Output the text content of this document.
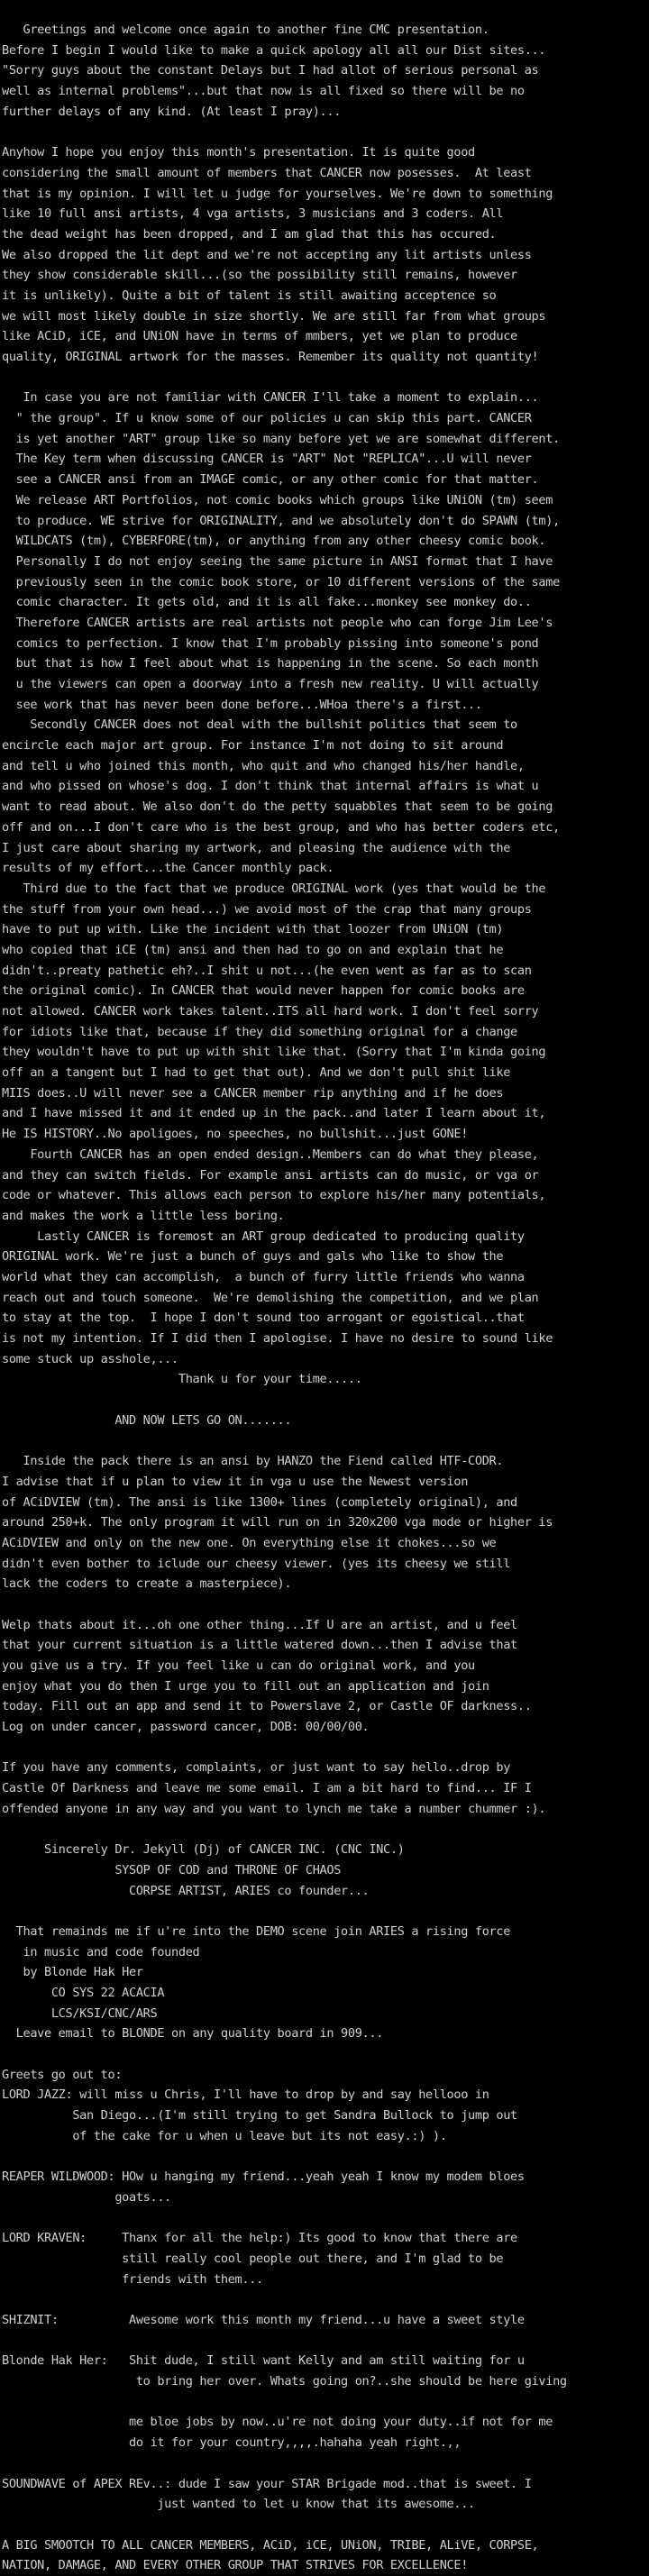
Greetings and welcome once again to another fine CMC presentation.
Before I begin I would like to make a quick apology all all our Dist sites...
"Sorry guys about the constant Delays but I had allot of serious personal as
well as internal problems"...but that now is all fixed so there will be no
further delays of any kind. (At least I pray)...
Anyhow I hope you enjoy this month's presentation. It is quite good
considering the small amount of members that CANCER now posesses.  At least
that is my opinion. I will let u judge for yourselves. We're down to something
like 10 full ansi artists, 4 vga artists, 3 musicians and 3 coders. All
the dead weight has been dropped, and I am glad that this has occured.
We also dropped the lit dept and we're not accepting any lit artists unless
they show considerable skill...(so the possibility still remains, however
it is unlikely). Quite a bit of talent is still awaiting acceptence so
we will most likely double in size shortly. We are still far from what groups
like ACiD, iCE, and UNiON have in terms of mmbers, yet we plan to produce
quality, ORIGINAL artwork for the masses. Remember its quality not quantity!
In case you are not familiar with CANCER I'll take a moment to explain...
" the group". If u know some of our policies u can skip this part. CANCER
is yet another "ART" group like so many before yet we are somewhat different.
The Key term when discussing CANCER is "ART" Not "REPLICA"...U will never
see a CANCER ansi from an IMAGE comic, or any other comic for that matter.
We release ART Portfolios, not comic books which groups like UNiON (tm) seem
to produce. WE strive for ORIGINALITY, and we absolutely don't do SPAWN (tm),
WILDCATS (tm), CYBERFORE(tm), or anything from any other cheesy comic book.
Personally I do not enjoy seeing the same picture in ANSI format that I have
previously seen in the comic book store, or 10 different versions of the same
comic character. It gets old, and it is all fake...monkey see monkey do..
Therefore CANCER artists are real artists not people who can forge Jim Lee's
comics to perfection. I know that I'm probably pissing into someone's pond
but that is how I feel about what is happening in the scene. So each month
u the viewers can open a doorway into a fresh new reality. U will actually
see work that has never been done before...WHoa there's a first...
Secondly CANCER does not deal with the bullshit politics that seem to
encircle each major art group. For instance I'm not doing to sit around
and tell u who joined this month, who quit and who changed his/her handle,
and who pissed on whose's dog. I don't think that internal affairs is what u
want to read about. We also don't do the petty squabbles that seem to be going
off and on...I don't care who is the best group, and who has better coders etc,
I just care about sharing my artwork, and pleasing the audience with the
results of my effort...the Cancer monthly pack.
Third due to the fact that we produce ORIGINAL work (yes that would be the
the stuff from your own head...) we avoid most of the crap that many groups
have to put up with. Like the incident with that loozer from UNiON (tm)
who copied that iCE (tm) ansi and then had to go on and explain that he
didn't..preaty pathetic eh?..I shit u not...(he even went as far as to scan
the original comic). In CANCER that would never happen for comic books are
not allowed. CANCER work takes talent..ITS all hard work. I don't feel sorry
for idiots like that, because if they did something original for a change
they wouldn't have to put up with shit like that. (Sorry that I'm kinda going
off an a tangent but I had to get that out). And we don't pull shit like
MIIS does..U will never see a CANCER member rip anything and if he does
and I have missed it and it ended up in the pack..and later I learn about it,
He IS HISTORY..No apoligoes, no speeches, no bullshit...just GONE!
Fourth CANCER has an open ended design..Members can do what they please,
and they can switch fields. For example ansi artists can do music, or vga or
code or whatever. This allows each person to explore his/her many potentials,
and makes the work a little less boring.
Lastly CANCER is foremost an ART group dedicated to producing quality
ORIGINAL work. We're just a bunch of guys and gals who like to show the
world what they can accomplish,  a bunch of furry little friends who wanna
reach out and touch someone.  We're demolishing the competition, and we plan
to stay at the top.  I hope I don't sound too arrogant or egoistical..that
is not my intention. If I did then I apologise. I have no desire to sound like
some stuck up asshole,...
Thank u for your time.....
AND NOW LETS GO ON.......
Inside the pack there is an ansi by HANZO the Fiend called HTF-CODR.
I advise that if u plan to view it in vga u use the Newest version
of ACiDVIEW (tm). The ansi is like 1300+ lines (completely original), and
around 250+k. The only program it will run on in 320x200 vga mode or higher is
ACiDVIEW and only on the new one. On everything else it chokes...so we
didn't even bother to iclude our cheesy viewer. (yes its cheesy we still
lack the coders to create a masterpiece).
Welp thats about it...oh one other thing...If U are an artist, and u feel
that your current situation is a little watered down...then I advise that
you give us a try. If you feel like u can do original work, and you
enjoy what you do then I urge you to fill out an application and join
today. Fill out an app and send it to Powerslave 2, or Castle OF darkness..
Log on under cancer, password cancer, DOB: 00/00/00.
If you have any comments, complaints, or just want to say hello..drop by
Castle Of Darkness and leave me some email. I am a bit hard to find... IF I
offended anyone in any way and you want to lynch me take a number chummer :).
Sincerely Dr. Jekyll (Dj) of CANCER INC. (CNC INC.)
SYSOP OF COD and THRONE OF CHAOS
CORPSE ARTIST, ARIES co founder...
That remainds me if u're into the DEMO scene join ARIES a rising force
in music and code founded
by Blonde Hak Her
CO SYS 22 ACACIA
LCS/KSI/CNC/ARS
Leave email to BLONDE on any quality board in 909...
Greets go out to:
LORD JAZZ: will miss u Chris, I'll have to drop by and say hellooo in
San Diego...(I'm still trying to get Sandra Bullock to jump out
of the cake for u when u leave but its not easy.:) ).
REAPER WILDWOOD: HOw u hanging my friend...yeah yeah I know my modem bloes
goats...
LORD KRAVEN:     Thanx for all the help:) Its good to know that there are
still really cool people out there, and I'm glad to be
friends with them...
SHIZNIT:          Awesome work this month my friend...u have a sweet style
Blonde Hak Her:   Shit dude, I still want Kelly and am still waiting for u
to bring her over. Whats going on?..she should be here giving
me bloe jobs by now..u're not doing your duty..if not for me
do it for your country,,,,.hahaha yeah right.,,
SOUNDWAVE of APEX REv..: dude I saw your STAR Brigade mod..that is sweet. I
just wanted to let u know that its awesome...
A BIG SMOOTCH TO ALL CANCER MEMBERS, ACiD, iCE, UNiON, TRIBE, ALiVE, CORPSE,
NATION, DAMAGE, AND EVERY OTHER GROUP THAT STRIVES FOR EXCELLENCE!
